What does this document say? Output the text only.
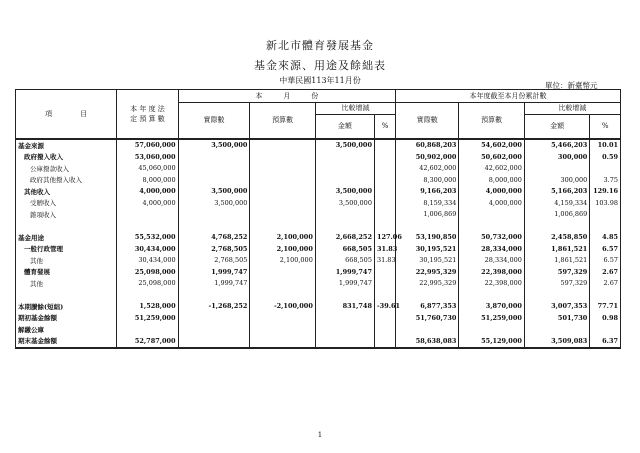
新北市體育發展基金
基金來源、用途及餘絀表
中華民國113年11月份
單位：新臺幣元
項　　　　目	本 年 度 法
定 預 算 數	本　　　月　　　份				本年度截至本月份累計數			
		實際數	預算數	比較增減		實際數	預算數	比較增減	
				金額	%			金額	%
基金來源	57,060,000	3,500,000		3,500,000		60,868,203	54,602,000	5,466,203	10.01
政府撥入收入	53,060,000					50,902,000	50,602,000	300,000	0.59
公庫撥款收入	45,060,000					42,602,000	42,602,000		
政府其他撥入收入	8,000,000					8,300,000	8,000,000	300,000	3.75
其他收入	4,000,000	3,500,000		3,500,000		9,166,203	4,000,000	5,166,203	129.16
受贈收入	4,000,000	3,500,000		3,500,000		8,159,334	4,000,000	4,159,334	103.98
雜項收入						1,006,869		1,006,869	

基金用途	55,532,000	4,768,252	2,100,000	2,668,252	127.06	53,190,850	50,732,000	2,458,850	4.85
一般行政管理	30,434,000	2,768,505	2,100,000	668,505	31.83	30,195,521	28,334,000	1,861,521	6.57
其他	30,434,000	2,768,505	2,100,000	668,505	31.83	30,195,521	28,334,000	1,861,521	6.57
體育發展	25,098,000	1,999,747		1,999,747		22,995,329	22,398,000	597,329	2.67
其他	25,098,000	1,999,747		1,999,747		22,995,329	22,398,000	597,329	2.67

本期賸餘(短絀)	1,528,000	-1,268,252	-2,100,000	831,748	-39.61	6,877,353	3,870,000	3,007,353	77.71
期初基金餘額	51,259,000					51,760,730	51,259,000	501,730	0.98
解繳公庫									
期末基金餘額	52,787,000					58,638,083	55,129,000	3,509,083	6.37
1
